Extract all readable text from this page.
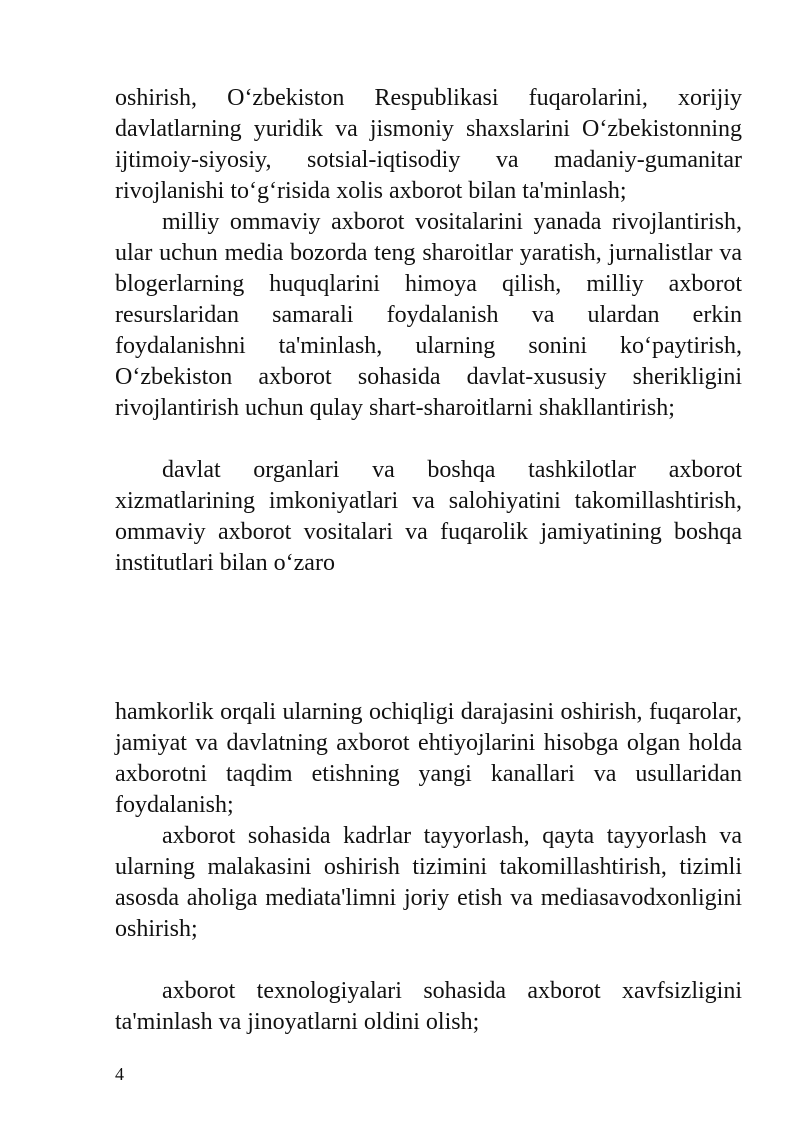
oshirish, O‘zbekiston Respublikasi fuqarolarini, xorijiy davlatlarning yuridik va jismoniy shaxslarini O‘zbekistonning ijtimoiy-siyosiy, sotsial-iqtisodiy va madaniy-gumanitar rivojlanishi to‘g‘risida xolis axborot bilan ta'minlash;

milliy ommaviy axborot vositalarini yanada rivojlantirish, ular uchun media bozorda teng sharoitlar yaratish, jurnalistlar va blogerlarning huquqlarini himoya qilish, milliy axborot resurslaridan samarali foydalanish va ulardan erkin foydalanishni ta'minlash, ularning sonini ko‘paytirish, O‘zbekiston axborot sohasida davlat-xususiy sherikligini rivojlantirish uchun qulay shart-sharoitlarni shakllantirish;

davlat organlari va boshqa tashkilotlar axborot xizmatlarining imkoniyatlari va salohiyatini takomillashtirish, ommaviy axborot vositalari va fuqarolik jamiyatining boshqa institutlari bilan o‘zaro

hamkorlik orqali ularning ochiqligi darajasini oshirish, fuqarolar, jamiyat va davlatning axborot ehtiyojlarini hisobga olgan holda axborotni taqdim etishning yangi kanallari va usullaridan foydalanish;

axborot sohasida kadrlar tayyorlash, qayta tayyorlash va ularning malakasini oshirish tizimini takomillashtirish, tizimli asosda aholiga mediata'limni joriy etish va mediasavodxonligini oshirish;

axborot texnologiyalari sohasida axborot xavfsizligini ta'minlash va jinoyatlarni oldini olish;

4
